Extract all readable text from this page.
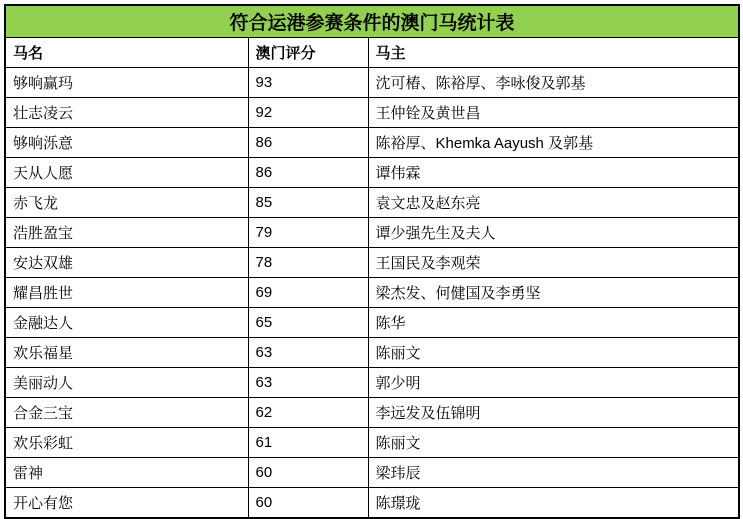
符合运港参赛条件的澳门马统计表		
马名	澳门评分	马主
够响赢玛	93	沈可椿、陈裕厚、李咏俊及郭基
壮志凌云	92	王仲铨及黄世昌
够响泺意	86	陈裕厚、Khemka Aayush 及郭基
天从人愿	86	谭伟霖
赤飞龙	85	袁文忠及赵东亮
浩胜盈宝	79	谭少强先生及夫人
安达双雄	78	王国民及李观荣
耀昌胜世	69	梁杰发、何健国及李勇坚
金融达人	65	陈华
欢乐福星	63	陈丽文
美丽动人	63	郭少明
合金三宝	62	李远发及伍锦明
欢乐彩虹	61	陈丽文
雷神	60	梁玮辰
开心有您	60	陈璟珑
